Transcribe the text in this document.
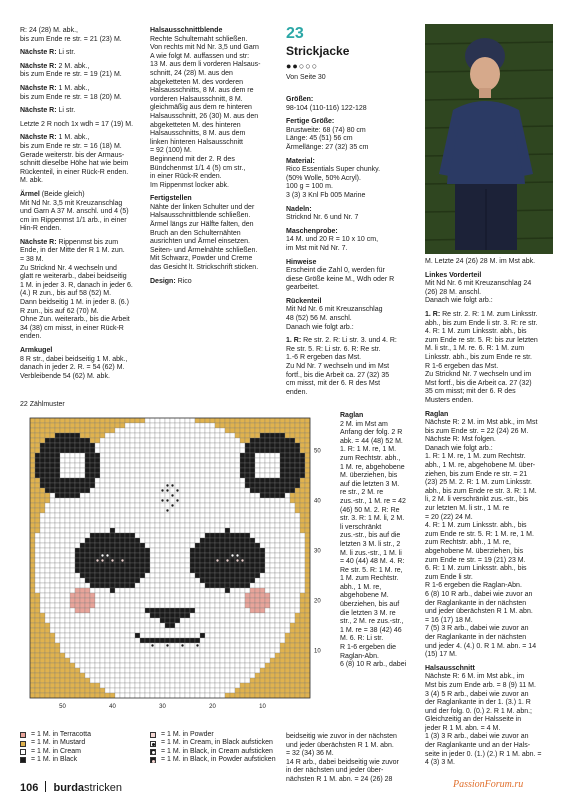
R: 24 (28) M. abk.,
bis zum Ende re str. = 21 (23) M.
Nächste R: Li str.
Nächste R: 2 M. abk.,
bis zum Ende re str. = 19 (21) M.
Nächste R: 1 M. abk.,
bis zum Ende re str. = 18 (20) M.
Nächste R: Li str.
Letzte 2 R noch 1x wdh = 17 (19) M.
Nächste R: 1 M. abk.,
bis zum Ende re str. = 16 (18) M.
Gerade weiterstr. bis der Armaus-
schnitt dieselbe Höhe hat wie beim
Rückenteil, in einer Rück-R enden.
M. abk.
Ärmel (Beide gleich)
Mit Nd Nr. 3,5 mit Kreuzanschlag
und Garn A 37 M. anschl. und 4 (5)
cm im Rippenmst 1/1 arb., in einer
Hin-R enden.
Nächste R: Rippenmst bis zum
Ende, in der Mitte der R 1 M. zun.
= 38 M.
Zu Stricknd Nr. 4 wechseln und
glatt re weiterarb., dabei beidseitig
1 M. in jeder 3. R, danach in jeder 6.
(4.) R zun., bis auf 58 (52) M.
Dann beidseitig 1 M. in jeder 8. (6.)
R zun., bis auf 62 (70) M.
Ohne Zun. weiterarb., bis die Arbeit
34 (38) cm misst, in einer Rück-R
enden.
Armkugel
8 R str., dabei beidseitig 1 M. abk.,
danach in jeder 2. R. = 54 (62) M.
Verbleibende 54 (62) M. abk.
Halsausschnittblende
Rechte Schulternaht schließen.
Von rechts mit Nd Nr. 3,5 und Garn
A wie folgt M. auffassen und str:
13 M. aus dem li vorderen Halsaus-
schnitt, 24 (28) M. aus den
abgeketteten M. des vorderen
Halsausschnitts, 8 M. aus dem re
vorderen Halsausschnitt, 8 M.
gleichmäßig aus dem re hinteren
Halsausschnitt, 26 (30) M. aus den
abgeketteten M. des hinteren
Halsausschnitts, 8 M. aus dem
linken hinteren Halsausschnitt
= 92 (100) M.
Beginnend mit der 2. R des
Bündchenmst 1/1 4 (5) cm str.,
in einer Rück-R enden.
Im Rippenmst locker abk.
Fertigstellen
Nähte der linken Schulter und der
Halsausschnittblende schließen.
Ärmel längs zur Hälfte falten, den
Bruch an den Schulternähten
ausrichten und Ärmel einsetzen.
Seiten- und Ärmelnähte schließen.
Mit Schwarz, Powder und Creme
das Gesicht lt. Strickschrift sticken.
Design: Rico
23
Strickjacke
●●○○○
Von Seite 30
Größen:
98-104 (110-116) 122-128
Fertige Größe:
Brustweite: 68 (74) 80 cm
Länge: 45 (51) 56 cm
Ärmellänge: 27 (32) 35 cm
Material:
Rico Essentials Super chunky.
(50% Wolle, 50% Acryl).
100 g = 100 m.
3 (3) 3 Knl Fb 005 Marine
Nadeln:
Stricknd Nr. 6 und Nr. 7
Maschenprobe:
14 M. und 20 R = 10 x 10 cm,
im Mst mit Nd Nr. 7.
Hinweise
Erscheint die Zahl 0, werden für
diese Größe keine M., Wdh oder R
gearbeitet.
Rückenteil
Mit Nd Nr. 6 mit Kreuzanschlag
48 (52) 56 M. anschl.
Danach wie folgt arb.:
1. R: Re str. 2. R: Li str. 3. und 4. R:
Re str. 5. R: Li str. 6. R: Re str.
1.-6 R ergeben das Mst.
Zu Nd Nr. 7 wechseln und im Mst
fortf., bis die Arbeit ca. 27 (32) 35
cm misst, mit der 6. R des Mst
enden.
M. Letzte 24 (26) 28 M. im Mst abk.
Linkes Vorderteil
Mit Nd Nr. 6 mit Kreuzanschlag 24
(26) 28 M. anschl.
Danach wie folgt arb.:
1. R: Re str. 2. R: 1 M. zum Linksstr.
abh., bis zum Ende li str. 3. R: re str.
4. R: 1 M. zum Linksstr. abh., bis
zum Ende re str. 5. R: bis zur letzten
M. li str., 1 M. re. 6. R: 1 M. zum
Linksstr. abh., bis zum Ende re str.
R 1-6 ergeben das Mst.
Zu Stricknd Nr. 7 wechseln und im
Mst fortf., bis die Arbeit ca. 27 (32)
35 cm misst; mit der 6. R des
Musters enden.
Raglan
Nächste R: 2 M. im Mst abk., im Mst
bis zum Ende str. = 22 (24) 26 M.
Nächste R: Mst folgen.
Danach wie folgt arb.:
1. R: 1 M. re, 1 M. zum Rechtstr.
abh., 1 M. re, abgehobene M. über-
ziehen, bis zum Ende re str. = 21
(23) 25 M. 2. R: 1 M. zum Linksstr.
abh., bis zum Ende re str. 3. R: 1 M.
li, 2 M. li verschränkt zus.-str., bis
zur letzten M. li str., 1 M. re
= 20 (22) 24 M.
4. R: 1 M. zum Linksstr. abh., bis
zum Ende re str. 5. R: 1 M. re, 1 M.
zum Rechtstr. abh., 1 M. re,
abgehobene M. überziehen, bis
zum Ende re str. = 19 (21) 23 M.
6. R: 1 M. zum Linksstr. abh., bis
zum Ende li str.
R 1-6 ergeben die Raglan-Abn.
6 (8) 10 R arb., dabei wie zuvor an
der Raglankante in der nächsten
und jeder überächsten R 1 M. abn.
= 16 (17) 18 M.
7 (5) 3 R arb., dabei wie zuvor an
der Raglankante in der nächsten
und jeder 4. (4.) 0. R 1 M. abn. = 14
(15) 17 M.
Halsausschnitt
Nächste R: 6 M. im Mst abk., im
Mst bis zum Ende arb. = 8 (9) 11 M.
3 (4) 5 R arb., dabei wie zuvor an
der Raglankante in der 1. (3.) 1. R
und der folg. 0. (0.) 2. R 1 M. abn.;
Gleichzeitig an der Halsseite in
jeder R 1 M. abn. = 4 M.
1 (3) 3 R arb., dabei wie zuvor an
der Raglankante und an der Hals-
seite in jeder 0. (1.) (2.) R 1 M. abn. =
4 (3) 3 M.
Raglan
2 M. im Mst am
Anfang der folg. 2 R
abk. = 44 (48) 52 M.
1. R: 1 M. re, 1 M.
zum Rechtstr. abh.,
1 M. re, abgehobene
M. überziehen, bis
auf die letzten 3 M.
re str., 2 M. re
zus.-str., 1 M. re = 42
(46) 50 M. 2. R: Re
str. 3. R: 1 M. li, 2 M.
li verschränkt
zus.-str., bis auf die
letzten 3 M. li str., 2
M. li zus.-str., 1 M. li
= 40 (44) 48 M. 4. R:
Re str. 5. R: 1 M. re,
1 M. zum Rechtstr.
abh., 1 M. re,
abgehobene M.
überziehen, bis auf
die letzten 3 M. re
str., 2 M. re zus.-str.,
1 M. re = 38 (42) 46
M. 6. R: Li str.
R 1-6 ergeben die
Raglan-Abn.
6 (8) 10 R arb., dabei
beidseitig wie zuvor in der nächsten
und jeder überächsten R 1 M. abn.
= 32 (34) 36 M.
14 R arb., dabei beidseitig wie zuvor
in der nächsten und jeder über-
nächsten R 1 M. abn. = 24 (26) 28
22 Zählmuster
50	40	30	20	10
50
40
30
20
10
= 1 M. in Terracotta
= 1 M. in Mustard
= 1 M. in Cream
= 1 M. in Black
= 1 M. in Powder
= 1 M. in Cream, in Black aufsticken
= 1 M. in Black, in Cream aufsticken
= 1 M. in Black, in Powder aufsticken
106 burdastricken	PassionForum.ru
